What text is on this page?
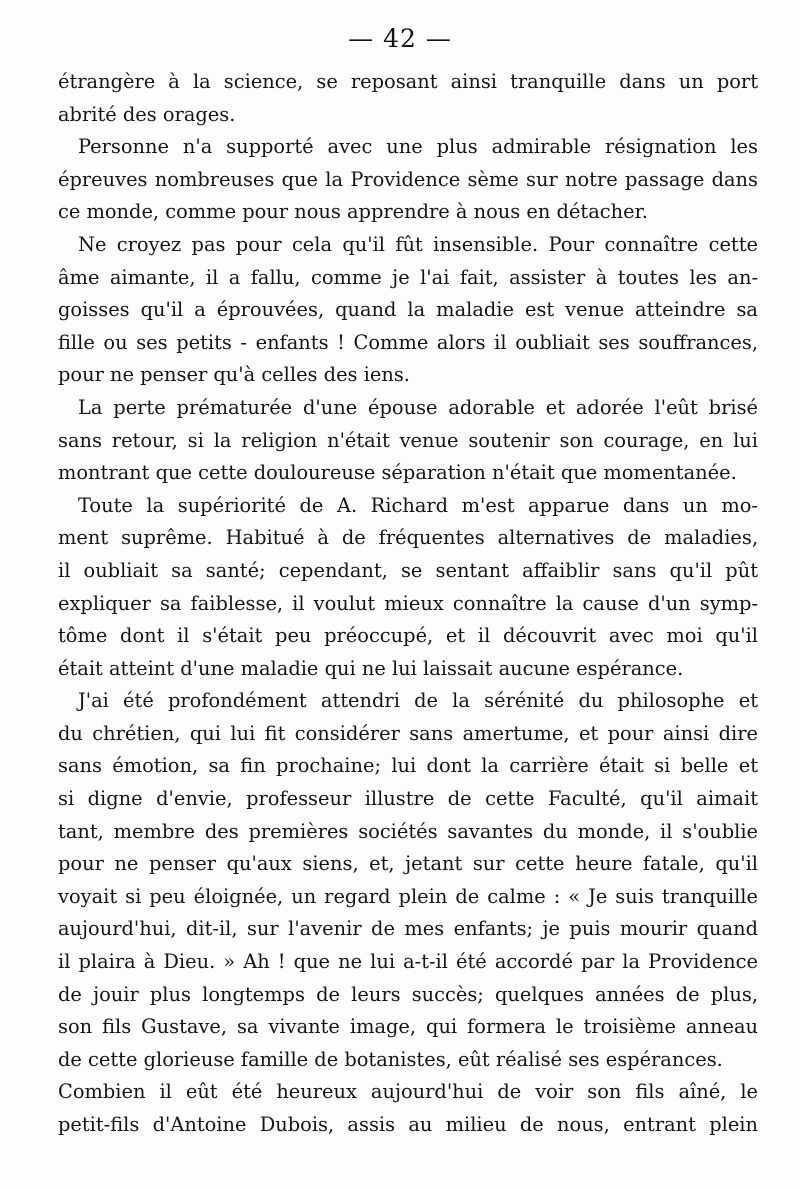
— 42 —
étrangère à la science, se reposant ainsi tranquille dans un port
abrité des orages.
Personne n'a supporté avec une plus admirable résignation les
épreuves nombreuses que la Providence sème sur notre passage dans
ce monde, comme pour nous apprendre à nous en détacher.
Ne croyez pas pour cela qu'il fût insensible. Pour connaître cette
âme aimante, il a fallu, comme je l'ai fait, assister à toutes les an-
goisses qu'il a éprouvées, quand la maladie est venue atteindre sa
fille ou ses petits - enfants ! Comme alors il oubliait ses souffrances,
pour ne penser qu'à celles des iens.
La perte prématurée d'une épouse adorable et adorée l'eût brisé
sans retour, si la religion n'était venue soutenir son courage, en lui
montrant que cette douloureuse séparation n'était que momentanée.
Toute la supériorité de A. Richard m'est apparue dans un mo-
ment suprême. Habitué à de fréquentes alternatives de maladies,
il oubliait sa santé; cependant, se sentant affaiblir sans qu'il pût
expliquer sa faiblesse, il voulut mieux connaître la cause d'un symp-
tôme dont il s'était peu préoccupé, et il découvrit avec moi qu'il
était atteint d'une maladie qui ne lui laissait aucune espérance.
J'ai été profondément attendri de la sérénité du philosophe et
du chrétien, qui lui fit considérer sans amertume, et pour ainsi dire
sans émotion, sa fin prochaine; lui dont la carrière était si belle et
si digne d'envie, professeur illustre de cette Faculté, qu'il aimait
tant, membre des premières sociétés savantes du monde, il s'oublie
pour ne penser qu'aux siens, et, jetant sur cette heure fatale, qu'il
voyait si peu éloignée, un regard plein de calme : « Je suis tranquille
aujourd'hui, dit-il, sur l'avenir de mes enfants; je puis mourir quand
il plaira à Dieu. » Ah ! que ne lui a-t-il été accordé par la Providence
de jouir plus longtemps de leurs succès; quelques années de plus,
son fils Gustave, sa vivante image, qui formera le troisième anneau
de cette glorieuse famille de botanistes, eût réalisé ses espérances.
Combien il eût été heureux aujourd'hui de voir son fils aîné, le
petit-fils d'Antoine Dubois, assis au milieu de nous, entrant plein
